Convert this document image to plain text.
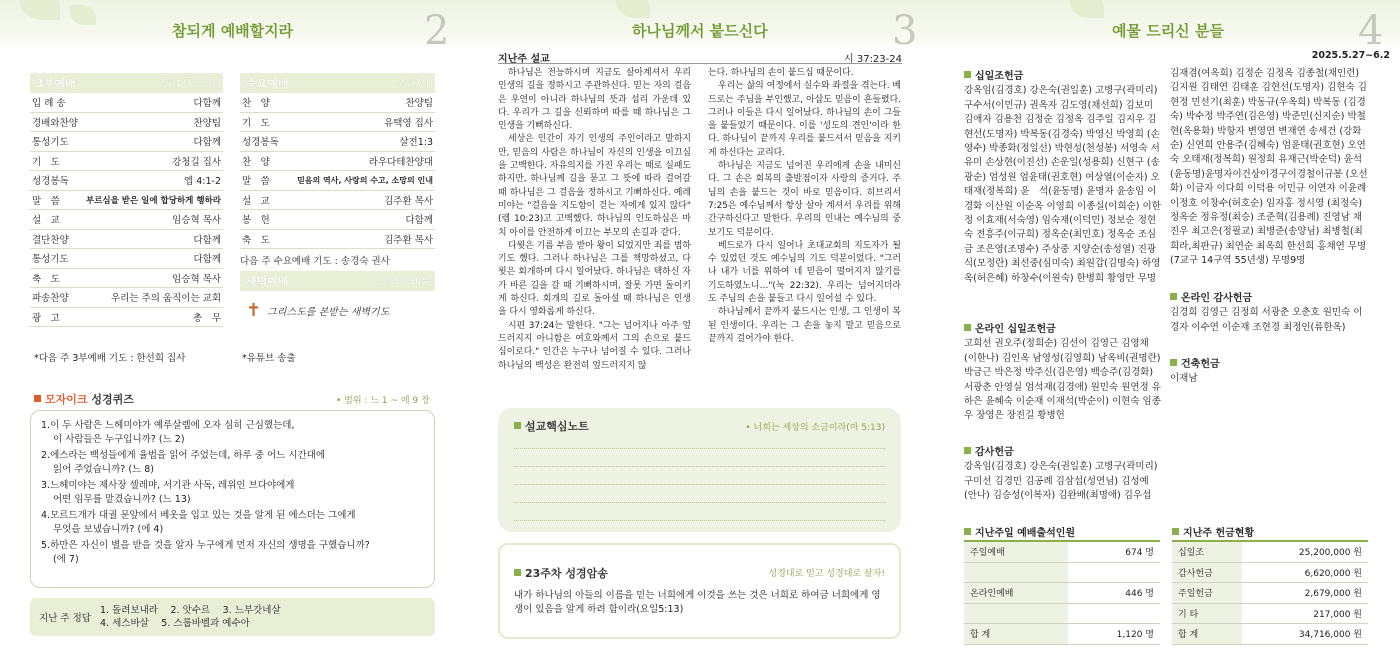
참되게 예배할지라	2
3부예배	오후 1시 소강당
입 례 송	다함께
경배와찬양	찬양팀
통성기도	다함께
기　도	강청길 집사
성경봉독	엡 4:1-2
말　씀	부르심을 받은 일에 합당하게 행하라
설　교	임승혁 목사
결단찬양	다함께
통성기도	다함께
축　도	임승혁 목사
파송찬양	우리는 주의 움직이는 교회
광　고	총　무
*다음 주 3부예배 기도 : 한선희 집사
수요예배	오후 7시
찬　양	찬양팀
기　도	유택영 집사
성경봉독	살전1:3
찬　양	라우다테찬양대
말　씀	믿음의 역사, 사랑의 수고, 소망의 인내
설　교	김주환 목사
봉　헌	다함께
축　도	김주환 목사
다음 주 수요예배 기도 : 송경숙 권사
새벽예배	오전 5시 30분
✝ 그리스도를 본받는 새벽기도
*유튜브 송출
모자이크 성경퀴즈	• 범위 : 느 1 ~ 에 9 장
1.이 두 사람은 느헤미야가 예루살렘에 오자 심히 근심했는데,
이 사람들은 누구입니까? (느 2)
2.에스라는 백성들에게 율법을 읽어 주었는데, 하루 중 어느 시간대에
읽어 주었습니까? (느 8)
3.느헤미야는 제사장 셀레먀, 서기관 사독, 레위인 브다야에게
어떤 임무를 맡겼습니까? (느 13)
4.모르드개가 대궐 문앞에서 베옷을 입고 있는 것을 알게 된 에스더는 그에게
무엇을 보냈습니까? (에 4)
5.하만은 자신이 별을 받을 것을 알자 누구에게 먼저 자신의 생명을 구했습니까?
(에 7)
지난 주 정답
1. 돌려보내라　 2. 앗수르　 3. 느부갓네살
4. 세스바살　 5. 스룹바벨과 예수아
하나님께서 붙드신다	3
지난주 설교	시 37:23-24

하나님은 전능하시며 지금도 살아계셔서 우리 인생의 길을 정하시고 주관하신다. 믿는 자의 걸음은 우연이 아니라 하나님의 뜻과 섭리 가운데 있다. 우리가 그 길을 신뢰하며 따를 때 하나님은 그 인생을 기뻐하신다.

세상은 인간이 자기 인생의 주인이라고 말하지만, 믿음의 사람은 하나님이 자신의 인생을 이끄심을 고백한다. 자유의지를 가진 우리는 때로 실패도 하지만, 하나님께 길을 묻고 그 뜻에 따라 걸어갈 때 하나님은 그 걸음을 정하시고 기뻐하신다. 예레미야는 "걸음을 지도함이 걷는 자에게 있지 않다"(렘 10:23)고 고백했다. 하나님의 인도하심은 마치 아이를 안전하게 이끄는 부모의 손길과 같다.

다윗은 기름 부음 받아 왕이 되었지만 죄를 범하기도 했다. 그러나 하나님은 그를 책망하셨고, 다윗은 회개하며 다시 일어났다. 하나님은 택하신 자가 바른 길을 갈 때 기뻐하시며, 잘못 가면 돌이키게 하신다. 회개의 길로 돌아설 때 하나님은 인생을 다시 영화롭게 하신다.

시편 37:24는 말한다. "그는 넘어지나 아주 엎드러지지 아니함은 여호와께서 그의 손으로 붙드심이로다." 인간은 누구나 넘어질 수 있다. 그러나 하나님의 백성은 완전히 엎드러지지 않

는다. 하나님의 손이 붙드심 때문이다.

우리는 삶의 여정에서 실수와 좌절을 겪는다. 베드로는 주님을 부인했고, 아삽도 믿음이 흔들렸다. 그러나 이들은 다시 일어났다. 하나님의 손이 그들을 붙들었기 때문이다. 이를 '성도의 견인'이라 한다. 하나님이 끝까지 우리를 붙드셔서 믿음을 지키게 하신다는 교리다.

하나님은 지금도 넘어진 우리에게 손을 내미신다. 그 손은 회복의 출발점이자 사랑의 증거다. 주님의 손을 붙드는 것이 바로 믿음이다. 히브리서 7:25은 예수님께서 항상 살아 계셔서 우리를 위해 간구하신다고 말한다. 우리의 인내는 예수님의 중보기도 덕분이다.

베드로가 다시 일어나 초대교회의 지도자가 될 수 있었던 것도 예수님의 기도 덕분이었다. "그러나 내가 너를 위하여 네 믿음이 떨어지지 않기를 기도하였노니…"(눅 22:32). 우리는 넘어지더라도 주님의 손을 붙들고 다시 일어설 수 있다.

하나님께서 끝까지 붙드시는 인생, 그 인생이 복된 인생이다. 우리는 그 손을 놓지 말고 믿음으로 끝까지 걸어가야 한다.

설교핵심노트	• 너희는 세상의 소금이라(마 5:13)
23주차 성경암송	성경대로 믿고 성경대로 살자!
내가 하나님의 아들의 이름을 믿는 너희에게 이것을 쓰는 것은 너희로 하여금 너희에게 영생이 있음을 알게 하려 함이라(요일5:13)
예물 드리신 분들	4
2025.5.27~6.2
십일조헌금
강옥임(김경호) 강은숙(권일훈) 고병구(곽미리) 구수서(이민규) 권옥자 김도영(채선희) 김보미 김애자 김용천 김정순 김정옥 김주일 김지우 김현선(도명자) 박복동(김경숙) 박영신 박영희 (손영수) 박종화(정일선) 박현성(천성봉) 서영숙 서유미 손상현(이진선) 손운일(성용희) 신현구 (송광순) 엄성원 엄윤태(권호현) 여상열(이순자) 오태재(정복희) 윤　석(윤동명) 윤명자 윤송임 이경화 이산원 이순옥 이영희 이종실(이희순) 이한정 이효재(서숙영) 임숙재(이덕민) 정보순 정현숙 전흥주(이규희) 정옥순(최민호) 정옥순 조심금 조은영(조명수) 주상중 지양순(송성열) 진광식(모정란) 최선중(심미숙) 최원갑(김명숙) 하영옥(허은혜) 하창수(이원숙) 한병희 황영만 무명
온라인 십일조헌금
고희선 권오주(정희순) 김선이 김영근 김영채 (이한나) 김인옥 남영성(김영희) 남옥비(권명란) 박금근 박은정 박주신(김은영) 백승주(김경화) 서광춘 안영실 엄석재(김경애) 원민숙 원연정 유하은 윤혜숙 이순재 이재석(박순이) 이현숙 임종우 장영은 장진길 황병헌
감사헌금
강옥임(김경호) 강은숙(권일훈) 고병구(곽미리) 구미선 김경민 김공례 김삼섭(성연님) 김성예 (안나) 김승성(이복자) 김완배(최명애) 김우섭
김재겸(여옥희) 김정순 김정옥 김종철(채인련) 김지원 김태연 김태훈 김현선(도명자) 김현숙 김현정 민선기(최훈) 박동규(우옥희) 박복동 (김경숙) 박수정 박주연(김은영) 박준민(신지순) 박철현(옥용화) 박항자 변영연 변재연 송세건 (강화순) 신연희 안용주(김혜숙) 엄윤태(권호현) 오연숙 오태재(정복희) 원정희 유재근(박순덕) 윤석(윤동명)윤명자이건상이경구이경철이규봉 (오선화) 이금자 이다희 이덕용 이민규 이연자 이윤례 이정호 이창수(허호순) 임자홍 정시영 (최정숙) 정옥순 정유정(최승) 조준혁(김용례) 진영남 채진우 최고은(정필교) 최병준(송양님) 최병철(최희라,최판규) 최연순 최옥희 한선희 홍채연 무명(7교구 14구역 55년생) 무명9명
온라인 감사헌금
김경희 김영근 김정희 서광춘 오춘호 원민숙 이경자 이수연 이순재 조현경 최정인(류한옥)
건축헌금
이재남
지난주일 예배출석인원
주일예배	674 명
온라인예배	446 명
합 계	1,120 명
지난주 헌금현황
십일조	25,200,000 원
감사헌금	6,620,000 원
주일헌금	2,679,000 원
기 타	217,000 원
합 계	34,716,000 원
